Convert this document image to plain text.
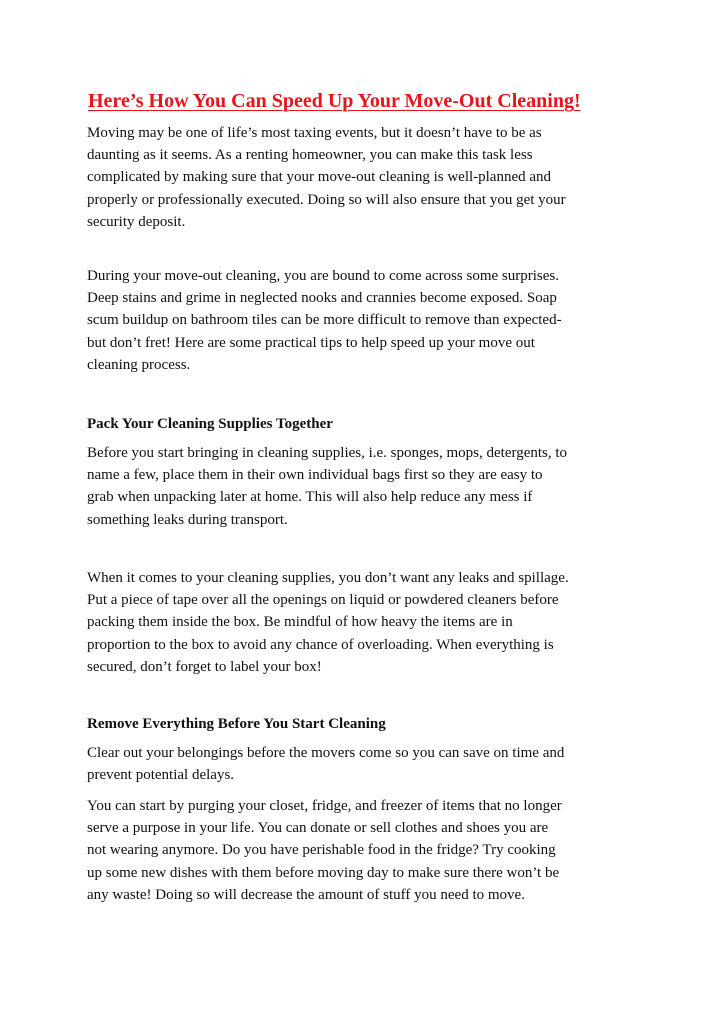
Here’s How You Can Speed Up Your Move-Out Cleaning!

Moving may be one of life’s most taxing events, but it doesn’t have to be as
daunting as it seems. As a renting homeowner, you can make this task less
complicated by making sure that your move-out cleaning is well-planned and
properly or professionally executed. Doing so will also ensure that you get your
security deposit.

During your move-out cleaning, you are bound to come across some surprises.
Deep stains and grime in neglected nooks and crannies become exposed. Soap
scum buildup on bathroom tiles can be more difficult to remove than expected-
but don’t fret! Here are some practical tips to help speed up your move out
cleaning process.

Pack Your Cleaning Supplies Together

Before you start bringing in cleaning supplies, i.e. sponges, mops, detergents, to
name a few, place them in their own individual bags first so they are easy to
grab when unpacking later at home. This will also help reduce any mess if
something leaks during transport.

When it comes to your cleaning supplies, you don’t want any leaks and spillage.
Put a piece of tape over all the openings on liquid or powdered cleaners before
packing them inside the box. Be mindful of how heavy the items are in
proportion to the box to avoid any chance of overloading. When everything is
secured, don’t forget to label your box!

Remove Everything Before You Start Cleaning

Clear out your belongings before the movers come so you can save on time and
prevent potential delays.

You can start by purging your closet, fridge, and freezer of items that no longer
serve a purpose in your life. You can donate or sell clothes and shoes you are
not wearing anymore. Do you have perishable food in the fridge? Try cooking
up some new dishes with them before moving day to make sure there won’t be
any waste! Doing so will decrease the amount of stuff you need to move.
